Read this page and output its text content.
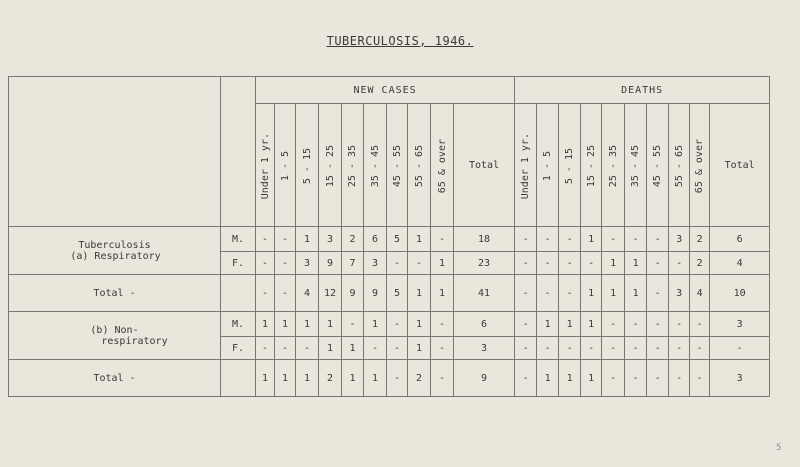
TUBERCULOSIS, 1946.
		NEW CASES										DEATHS									
		Under 1 yr.	1 - 5	5 - 15	15 - 25	25 - 35	35 - 45	45 - 55	55 - 65	65 & over	Total	Under 1 yr.	1 - 5	5 - 15	15 - 25	25 - 35	35 - 45	45 - 55	55 - 65	65 & over	Total

Tuberculosis
(a) Respiratory	M.	-	-	1	3	2	6	5	1	-	18	-	-	-	1	-	-	-	3	2	6
	F.	-	-	3	9	7	3	-	-	1	23	-	-	-	-	1	1	-	-	2	4
Total -		-	-	4	12	9	9	5	1	1	41	-	-	-	1	1	1	-	3	4	10

(b) Non-
respiratory	M.	1	1	1	1	-	1	-	1	-	6	-	1	1	1	-	-	-	-	-	3
	F.	-	-	-	1	1	-	-	1	-	3	-	-	-	-	-	-	-	-	-	-
Total -		1	1	1	2	1	1	-	2	-	9	-	1	1	1	-	-	-	-	-	3
5
